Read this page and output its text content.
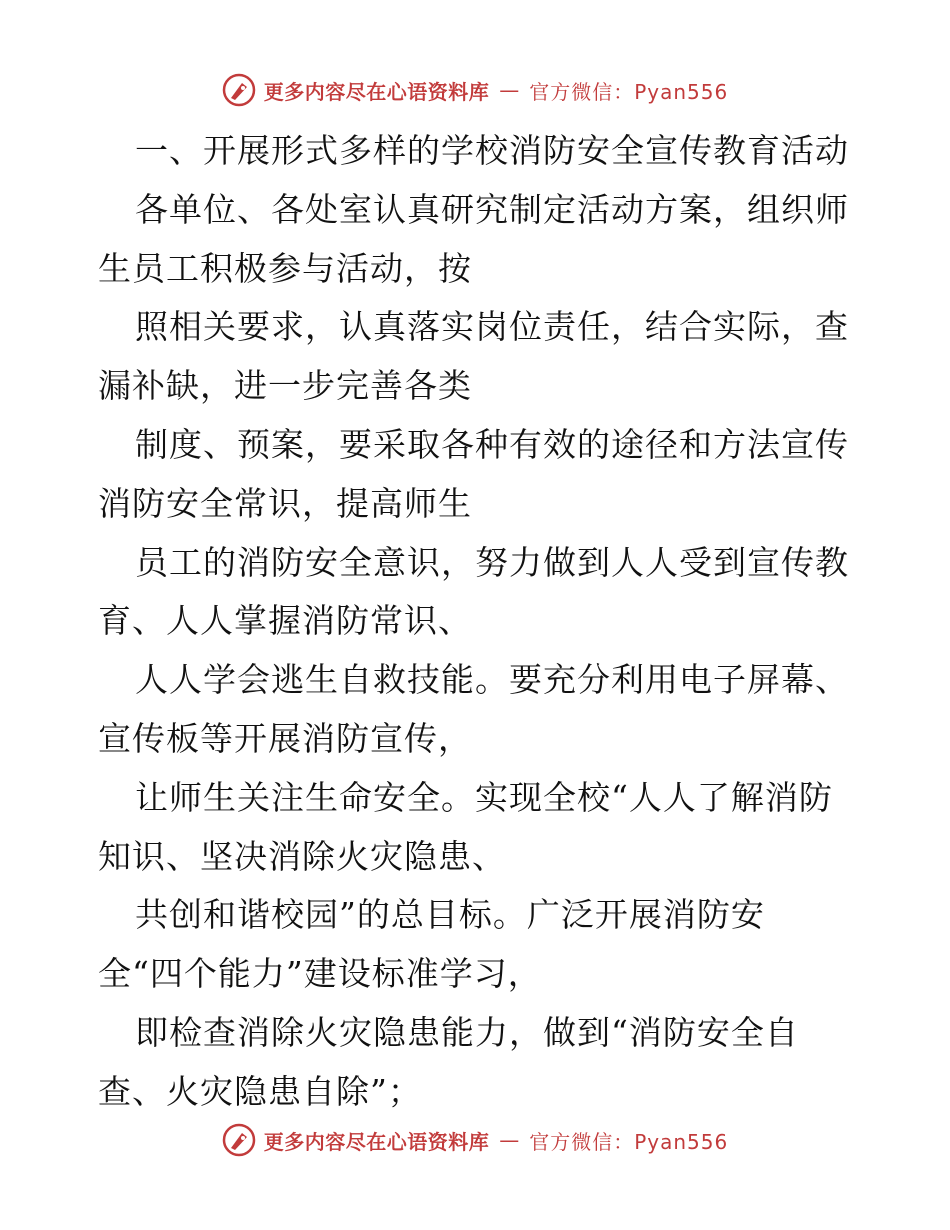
更多内容尽在心语资料库 — 官方微信：Pyan556
一、开展形式多样的学校消防安全宣传教育活动
各单位、各处室认真研究制定活动方案，组织师
生员工积极参与活动，按
照相关要求，认真落实岗位责任，结合实际，查
漏补缺，进一步完善各类
制度、预案，要采取各种有效的途径和方法宣传
消防安全常识，提高师生
员工的消防安全意识，努力做到人人受到宣传教
育、人人掌握消防常识、
人人学会逃生自救技能。要充分利用电子屏幕、
宣传板等开展消防宣传，
让师生关注生命安全。实现全校“人人了解消防
知识、坚决消除火灾隐患、
共创和谐校园”的总目标。广泛开展消防安
全“四个能力”建设标准学习，
即检查消除火灾隐患能力，做到“消防安全自
查、火灾隐患自除”；
更多内容尽在心语资料库 — 官方微信：Pyan556
